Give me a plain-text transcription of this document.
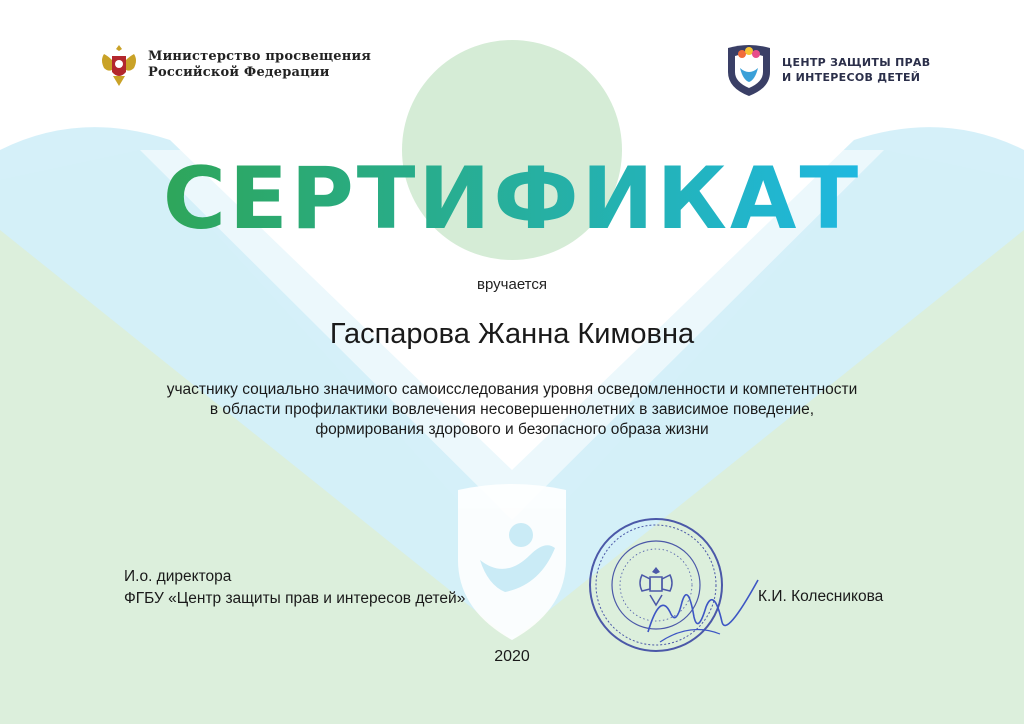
Министерство просвещения
Российской Федерации
ЦЕНТР ЗАЩИТЫ ПРАВ
И ИНТЕРЕСОВ ДЕТЕЙ
СЕРТИФИКАТ
вручается
Гаспарова Жанна Кимовна
участнику социально значимого самоисследования уровня осведомленности и компетентности
в области профилактики вовлечения несовершеннолетних в зависимое поведение,
формирования здорового и безопасного образа жизни
И.о. директора
ФГБУ «Центр защиты прав и интересов детей»	К.И. Колесникова
2020
